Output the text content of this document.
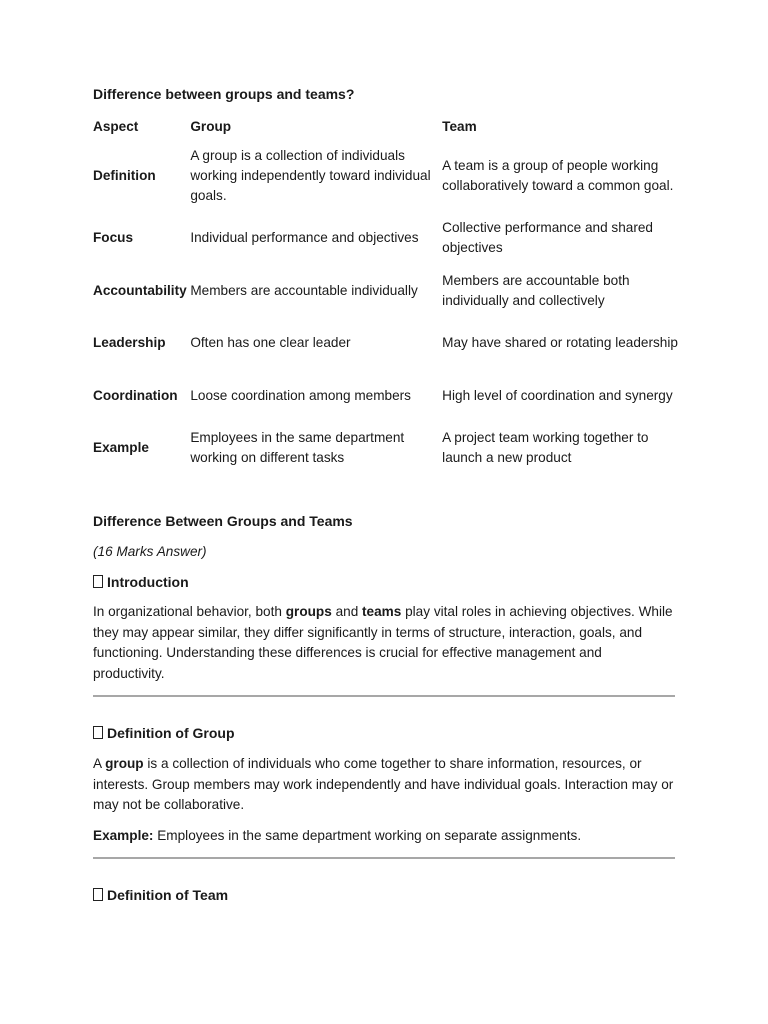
Difference between groups and teams?
Aspect	Group	Team
Definition	A group is a collection of individuals working independently toward individual goals.	A team is a group of people working collaboratively toward a common goal.
Focus	Individual performance and objectives	Collective performance and shared objectives
Accountability	Members are accountable individually	Members are accountable both individually and collectively
Leadership	Often has one clear leader	May have shared or rotating leadership
Coordination	Loose coordination among members	High level of coordination and synergy
Example	Employees in the same department working on different tasks	A project team working together to launch a new product
Difference Between Groups and Teams
(16 Marks Answer)
Introduction

In organizational behavior, both groups and teams play vital roles in achieving objectives. While they may appear similar, they differ significantly in terms of structure, interaction, goals, and functioning. Understanding these differences is crucial for effective management and productivity.

Definition of Group

A group is a collection of individuals who come together to share information, resources, or interests. Group members may work independently and have individual goals. Interaction may or may not be collaborative.

Example: Employees in the same department working on separate assignments.

Definition of Team
